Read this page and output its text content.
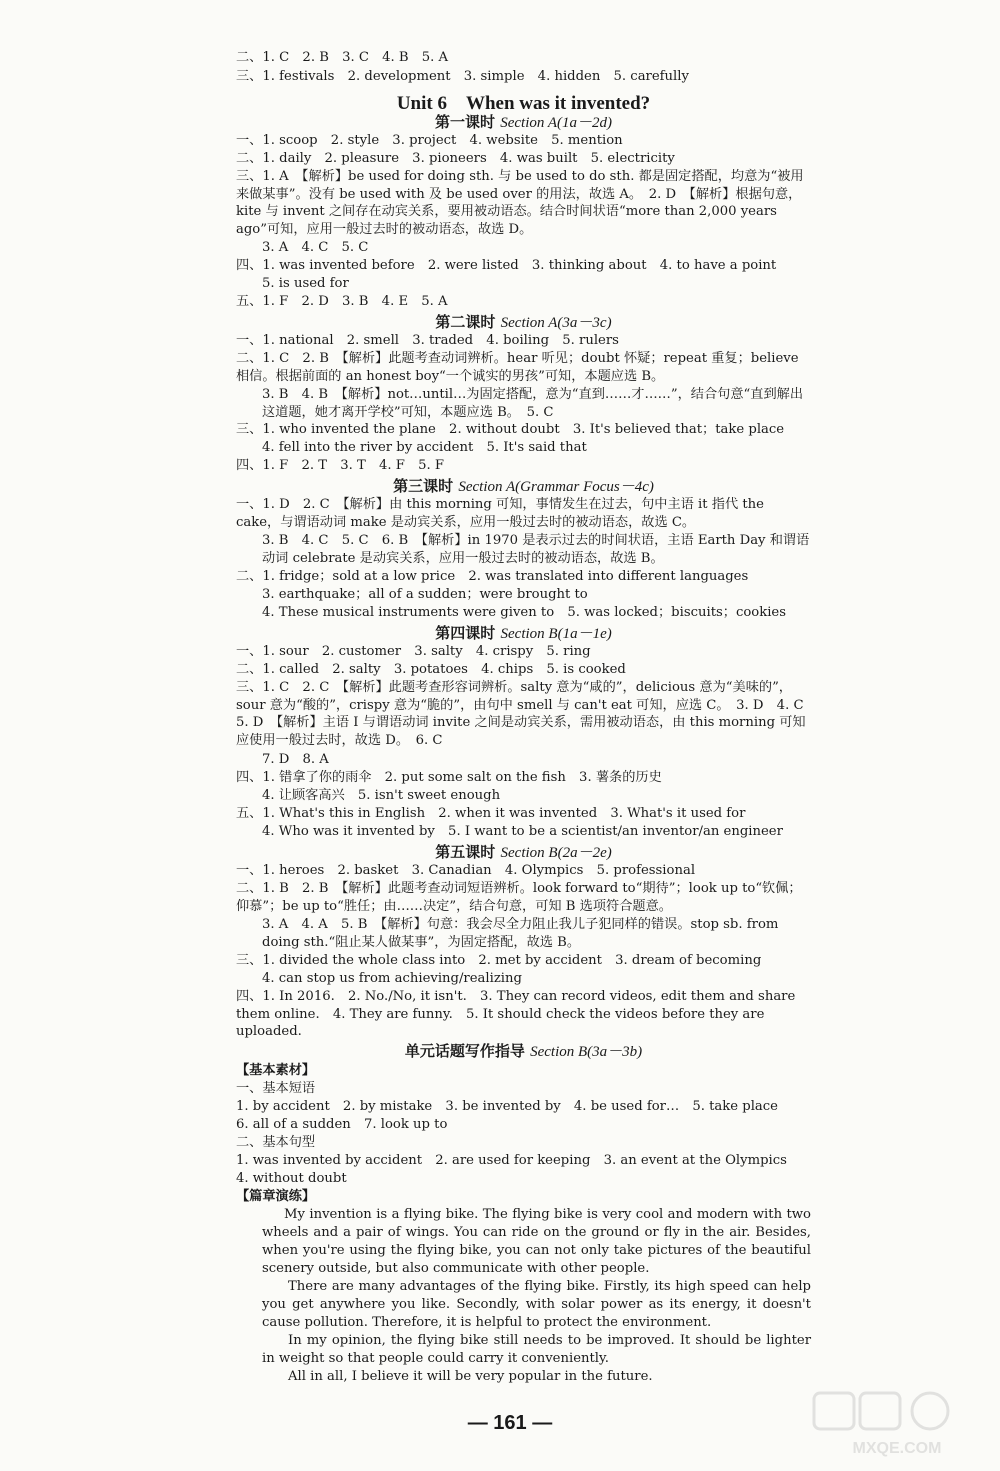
二、1. C　2. B　3. C　4. B　5. A
三、1. festivals　2. development　3. simple　4. hidden　5. carefully
Unit 6　When was it invented?
第一课时 Section A(1a－2d)
一、1. scoop　2. style　3. project　4. website　5. mention
二、1. daily　2. pleasure　3. pioneers　4. was built　5. electricity
三、1. A　【解析】be used for doing sth. 与 be used to do sth. 都是固定搭配，均意为“被用来做某事”。没有 be used with 及 be used over 的用法，故选 A。　2. D　【解析】根据句意，kite 与 invent 之间存在动宾关系，要用被动语态。结合时间状语“more than 2,000 years ago”可知，应用一般过去时的被动语态，故选 D。
3. A　4. C　5. C
四、1. was invented before　2. were listed　3. thinking about　4. to have a point
5. is used for
五、1. F　2. D　3. B　4. E　5. A
第二课时 Section A(3a－3c)
一、1. national　2. smell　3. traded　4. boiling　5. rulers
二、1. C　2. B　【解析】此题考查动词辨析。hear 听见；doubt 怀疑；repeat 重复；believe 相信。根据前面的 an honest boy“一个诚实的男孩”可知，本题应选 B。
3. B　4. B　【解析】not…until…为固定搭配，意为“直到……才……”，结合句意“直到解出这道题，她才离开学校”可知，本题应选 B。　5. C
三、1. who invented the plane　2. without doubt　3. It's believed that；take place
4. fell into the river by accident　5. It's said that
四、1. F　2. T　3. T　4. F　5. F
第三课时 Section A(Grammar Focus－4c)
一、1. D　2. C　【解析】由 this morning 可知，事情发生在过去，句中主语 it 指代 the cake，与谓语动词 make 是动宾关系，应用一般过去时的被动语态，故选 C。
3. B　4. C　5. C　6. B　【解析】in 1970 是表示过去的时间状语，主语 Earth Day 和谓语动词 celebrate 是动宾关系，应用一般过去时的被动语态，故选 B。
二、1. fridge；sold at a low price　2. was translated into different languages
3. earthquake；all of a sudden；were brought to
4. These musical instruments were given to　5. was locked；biscuits；cookies
第四课时 Section B(1a－1e)
一、1. sour　2. customer　3. salty　4. crispy　5. ring
二、1. called　2. salty　3. potatoes　4. chips　5. is cooked
三、1. C　2. C　【解析】此题考查形容词辨析。salty 意为“咸的”，delicious 意为“美味的”，sour 意为“酸的”，crispy 意为“脆的”，由句中 smell 与 can't eat 可知，应选 C。　3. D　4. C　5. D　【解析】主语 I 与谓语动词 invite 之间是动宾关系，需用被动语态，由 this morning 可知应使用一般过去时，故选 D。　6. C
7. D　8. A
四、1. 错拿了你的雨伞　2. put some salt on the fish　3. 薯条的历史
4. 让顾客高兴　5. isn't sweet enough
五、1. What's this in English　2. when it was invented　3. What's it used for
4. Who was it invented by　5. I want to be a scientist/an inventor/an engineer
第五课时 Section B(2a－2e)
一、1. heroes　2. basket　3. Canadian　4. Olympics　5. professional
二、1. B　2. B　【解析】此题考查动词短语辨析。look forward to“期待”；look up to“钦佩；仰慕”；be up to“胜任；由……决定”，结合句意，可知 B 选项符合题意。
3. A　4. A　5. B　【解析】句意：我会尽全力阻止我儿子犯同样的错误。stop sb. from doing sth.“阻止某人做某事”，为固定搭配，故选 B。
三、1. divided the whole class into　2. met by accident　3. dream of becoming
4. can stop us from achieving/realizing
四、1. In 2016.　2. No./No, it isn't.　3. They can record videos, edit them and share them online.　4. They are funny.　5. It should check the videos before they are uploaded.
单元话题写作指导 Section B(3a－3b)
【基本素材】
一、基本短语
1. by accident　2. by mistake　3. be invented by　4. be used for…　5. take place
6. all of a sudden　7. look up to
二、基本句型
1. was invented by accident　2. are used for keeping　3. an event at the Olympics
4. without doubt
【篇章演练】
My invention is a flying bike. The flying bike is very cool and modern with two wheels and a pair of wings. You can ride on the ground or fly in the air. Besides, when you're using the flying bike, you can not only take pictures of the beautiful scenery outside, but also communicate with other people.
There are many advantages of the flying bike. Firstly, its high speed can help you get anywhere you like. Secondly, with solar power as its energy, it doesn't cause pollution. Therefore, it is helpful to protect the environment.
In my opinion, the flying bike still needs to be improved. It should be lighter in weight so that people could carry it conveniently.
All in all, I believe it will be very popular in the future.
— 161 —
MXQE.COM
